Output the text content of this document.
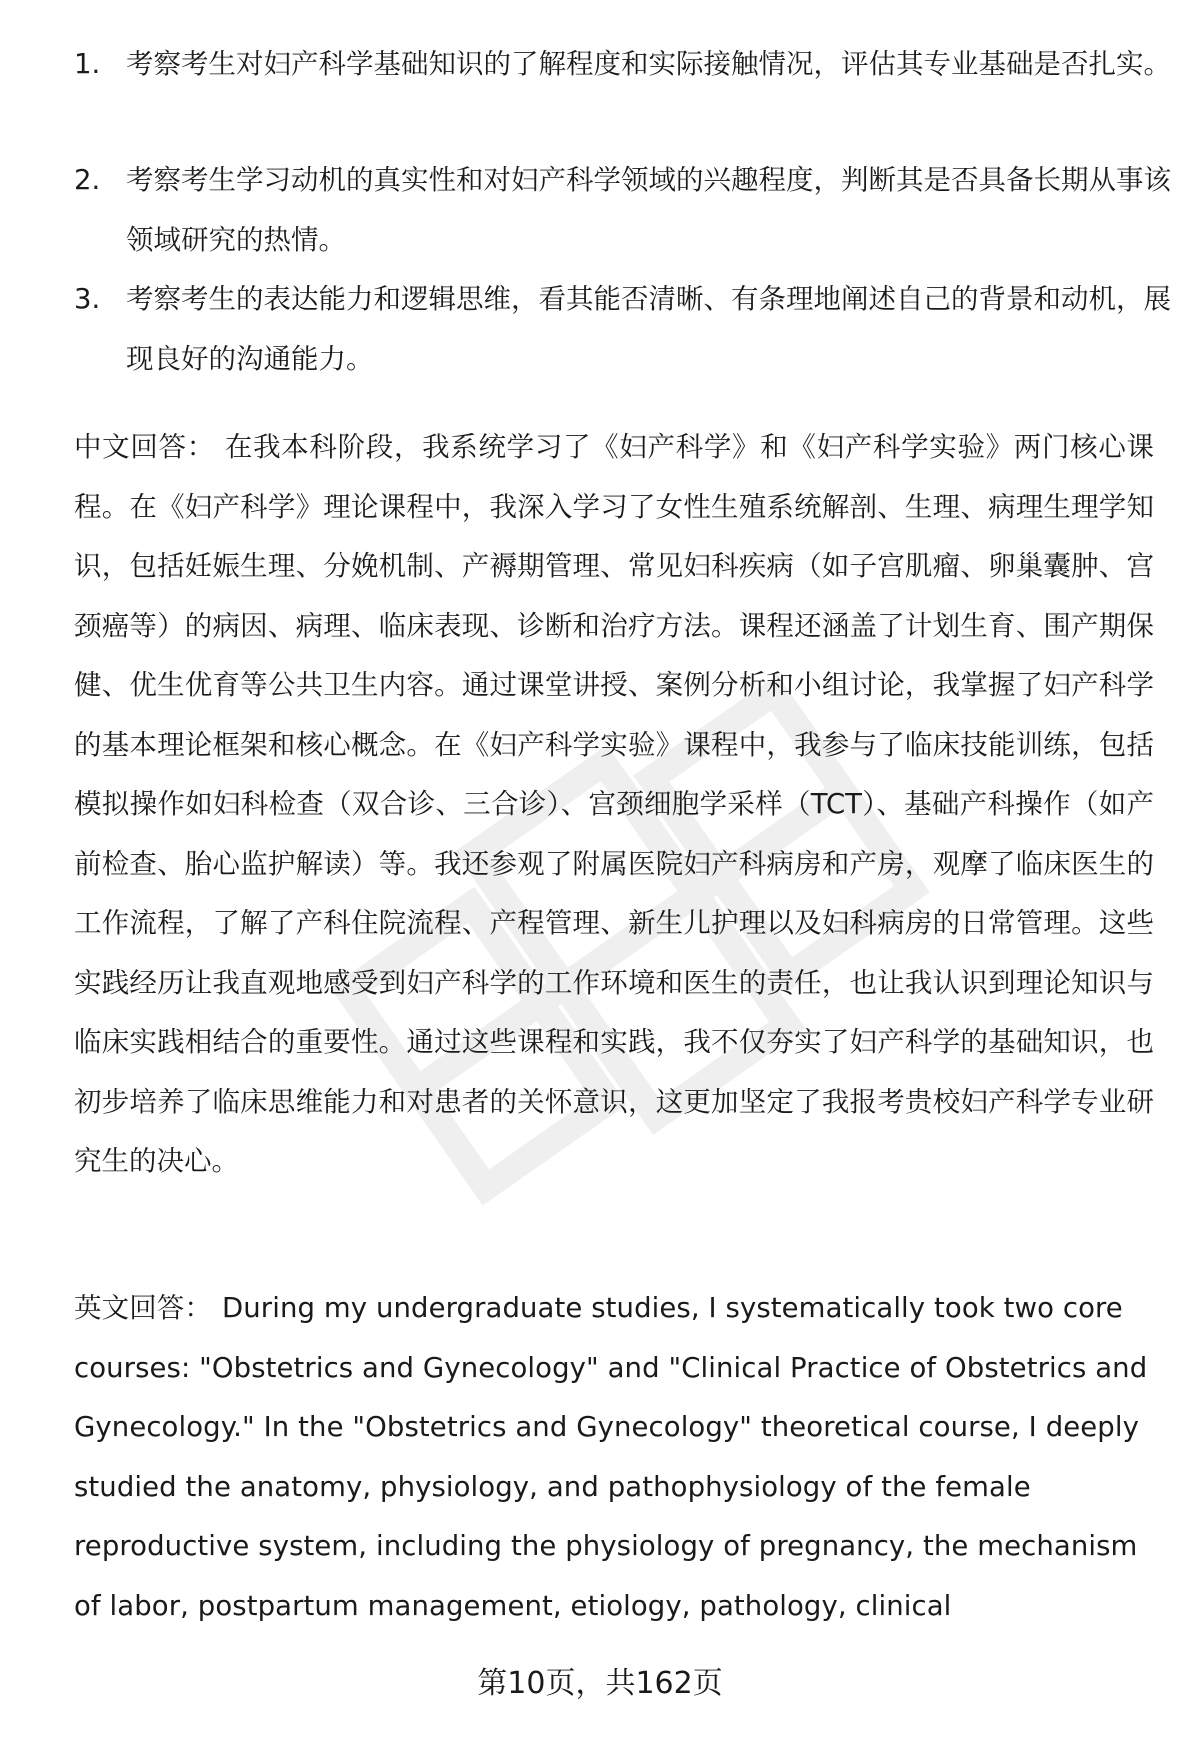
1. 考察考生对妇产科学基础知识的了解程度和实际接触情况，评估其专业基础是否扎实。
2. 考察考生学习动机的真实性和对妇产科学领域的兴趣程度，判断其是否具备长期从事该领域研究的热情。
3. 考察考生的表达能力和逻辑思维，看其能否清晰、有条理地阐述自己的背景和动机，展现良好的沟通能力。

中文回答： 在我本科阶段，我系统学习了《妇产科学》和《妇产科学实验》两门核心课程。在《妇产科学》理论课程中，我深入学习了女性生殖系统解剖、生理、病理生理学知识，包括妊娠生理、分娩机制、产褥期管理、常见妇科疾病（如子宫肌瘤、卵巢囊肿、宫颈癌等）的病因、病理、临床表现、诊断和治疗方法。课程还涵盖了计划生育、围产期保健、优生优育等公共卫生内容。通过课堂讲授、案例分析和小组讨论，我掌握了妇产科学的基本理论框架和核心概念。在《妇产科学实验》课程中，我参与了临床技能训练，包括模拟操作如妇科检查（双合诊、三合诊）、宫颈细胞学采样（TCT）、基础产科操作（如产前检查、胎心监护解读）等。我还参观了附属医院妇产科病房和产房，观摩了临床医生的工作流程，了解了产科住院流程、产程管理、新生儿护理以及妇科病房的日常管理。这些实践经历让我直观地感受到妇产科学的工作环境和医生的责任，也让我认识到理论知识与临床实践相结合的重要性。通过这些课程和实践，我不仅夯实了妇产科学的基础知识，也初步培养了临床思维能力和对患者的关怀意识，这更加坚定了我报考贵校妇产科学专业研究生的决心。

英文回答： During my undergraduate studies, I systematically took two core courses: "Obstetrics and Gynecology" and "Clinical Practice of Obstetrics and Gynecology." In the "Obstetrics and Gynecology" theoretical course, I deeply studied the anatomy, physiology, and pathophysiology of the female reproductive system, including the physiology of pregnancy, the mechanism of labor, postpartum management, etiology, pathology, clinical

第10页，共162页
